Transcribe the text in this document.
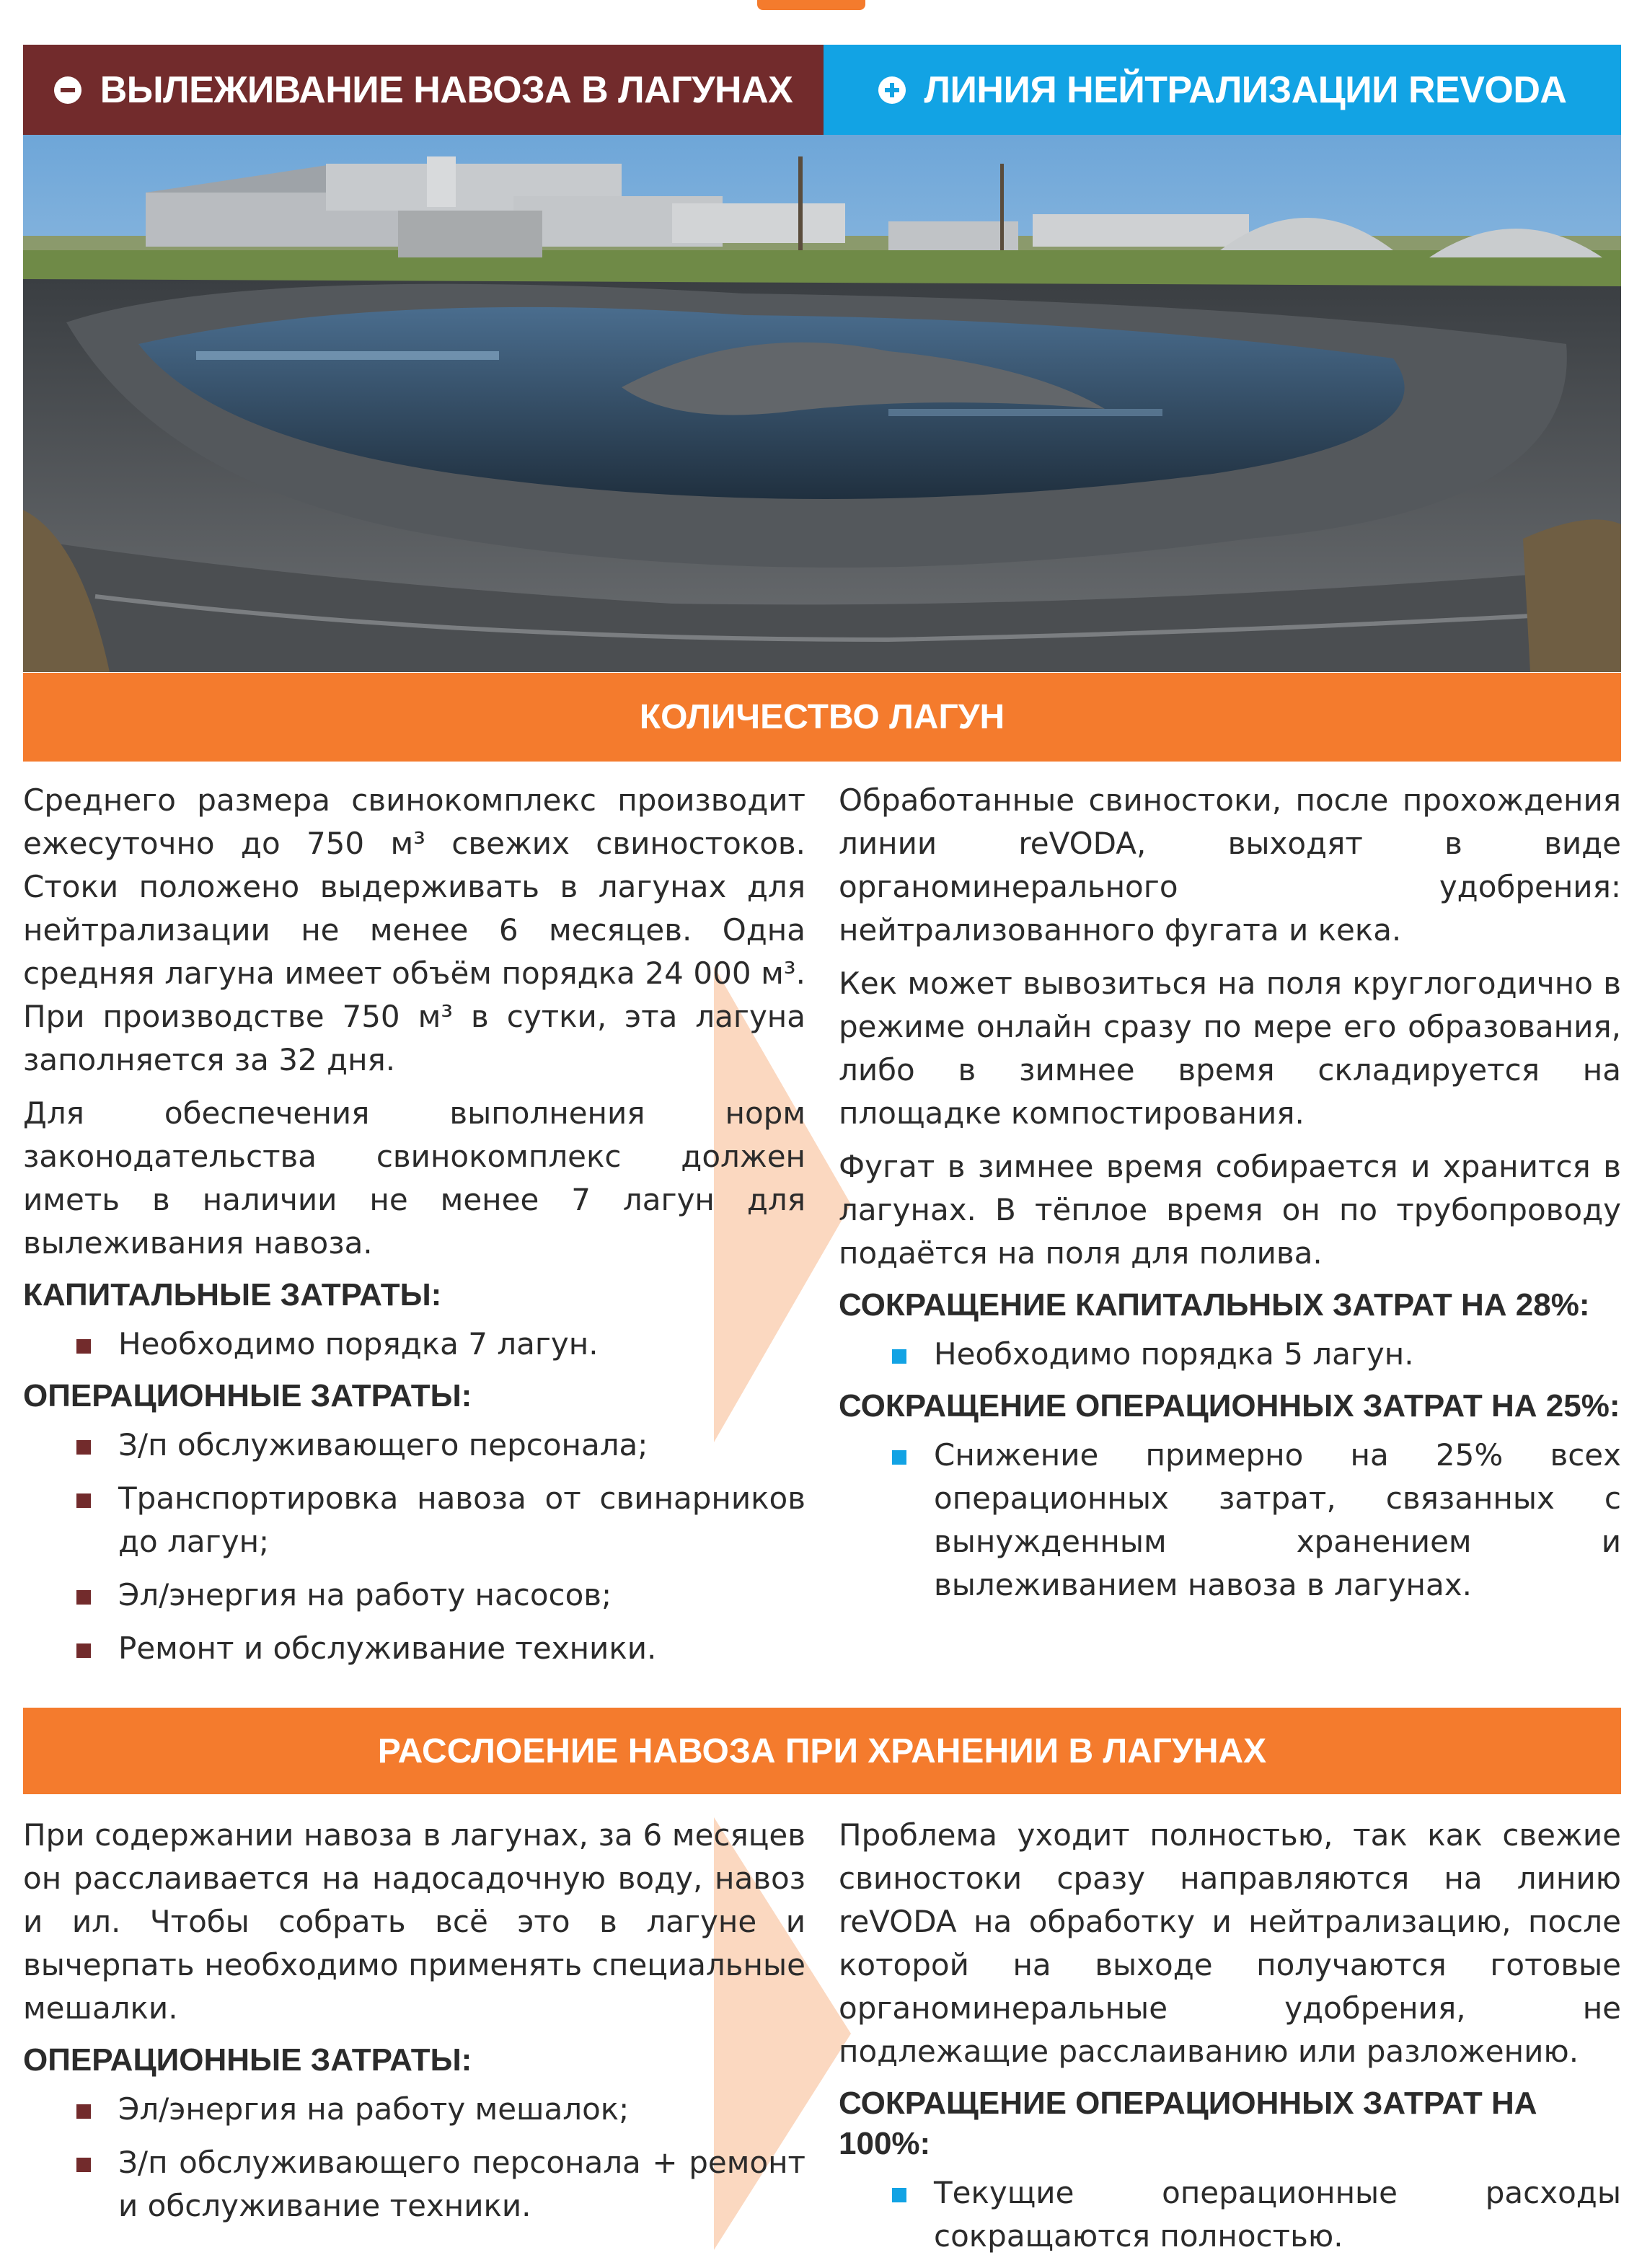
ВЫЛЕЖИВАНИЕ НАВОЗА В ЛАГУНАХ	ЛИНИЯ НЕЙТРАЛИЗАЦИИ REVODA
КОЛИЧЕСТВО ЛАГУН

Среднего размера свинокомплекс производит ежесуточно до 750 м³ свежих свиностоков. Стоки положено выдерживать в лагунах для нейтрализации не менее 6 месяцев. Одна средняя лагуна имеет объём порядка 24 000 м³. При производстве 750 м³ в сутки, эта лагуна заполняется за 32 дня.

Для обеспечения выполнения норм законодательства свинокомплекс должен иметь в наличии не менее 7 лагун для вылеживания навоза.

КАПИТАЛЬНЫЕ ЗАТРАТЫ:
Необходимо порядка 7 лагун.
ОПЕРАЦИОННЫЕ ЗАТРАТЫ:
З/п обслуживающего персонала;
Транспортировка навоза от свинарников до лагун;
Эл/энергия на работу насосов;
Ремонт и обслуживание техники.

Обработанные свиностоки, после прохождения линии reVODA, выходят в виде органоминерального удобрения: нейтрализованного фугата и кека.

Кек может вывозиться на поля круглогодично в режиме онлайн сразу по мере его образования, либо в зимнее время складируется на площадке компостирования.

Фугат в зимнее время собирается и хранится в лагунах. В тёплое время он по трубопроводу подаётся на поля для полива.

СОКРАЩЕНИЕ КАПИТАЛЬНЫХ ЗАТРАТ НА 28%:
Необходимо порядка 5 лагун.
СОКРАЩЕНИЕ ОПЕРАЦИОННЫХ ЗАТРАТ НА 25%:
Снижение примерно на 25% всех операционных затрат, связанных с вынужденным хранением и вылеживанием навоза в лагунах.
РАССЛОЕНИЕ НАВОЗА ПРИ ХРАНЕНИИ В ЛАГУНАХ

При содержании навоза в лагунах, за 6 месяцев он расслаивается на надосадочную воду, навоз и ил. Чтобы собрать всё это в лагуне и вычерпать необходимо применять специальные мешалки.

ОПЕРАЦИОННЫЕ ЗАТРАТЫ:
Эл/энергия на работу мешалок;
З/п обслуживающего персонала + ремонт и обслуживание техники.

Проблема уходит полностью, так как свежие свиностоки сразу направляются на линию reVODA на обработку и нейтрализацию, после которой на выходе получаются готовые органоминеральные удобрения, не подлежащие расслаиванию или разложению.

СОКРАЩЕНИЕ ОПЕРАЦИОННЫХ ЗАТРАТ НА 100%:
Текущие операционные расходы сокращаются полностью.
